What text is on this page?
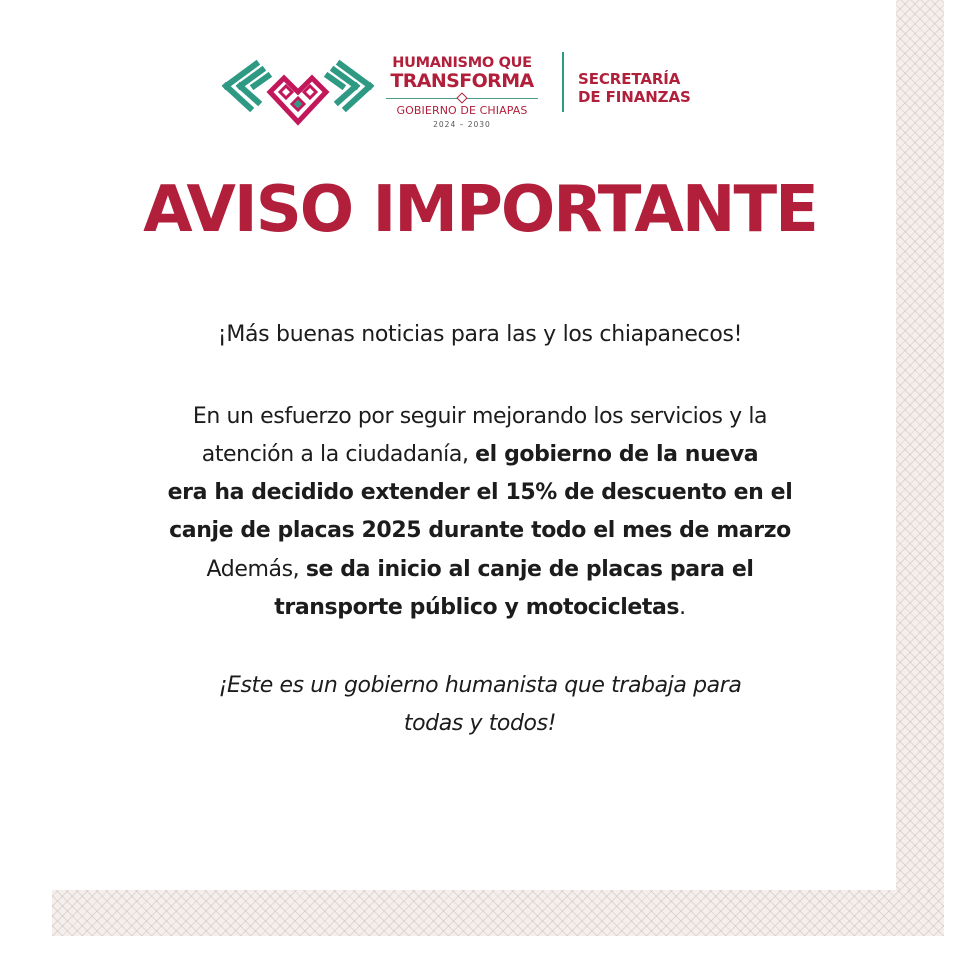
HUMANISMO QUE
TRANSFORMA
GOBIERNO DE CHIAPAS
2024 – 2030
SECRETARÍA
DE FINANZAS
AVISO IMPORTANTE
¡Más buenas noticias para las y los chiapanecos!
En un esfuerzo por seguir mejorando los servicios y la
atención a la ciudadanía, el gobierno de la nueva
era ha decidido extender el 15% de descuento en el
canje de placas 2025 durante todo el mes de marzo
Además, se da inicio al canje de placas para el
transporte público y motocicletas.
¡Este es un gobierno humanista que trabaja para
todas y todos!
